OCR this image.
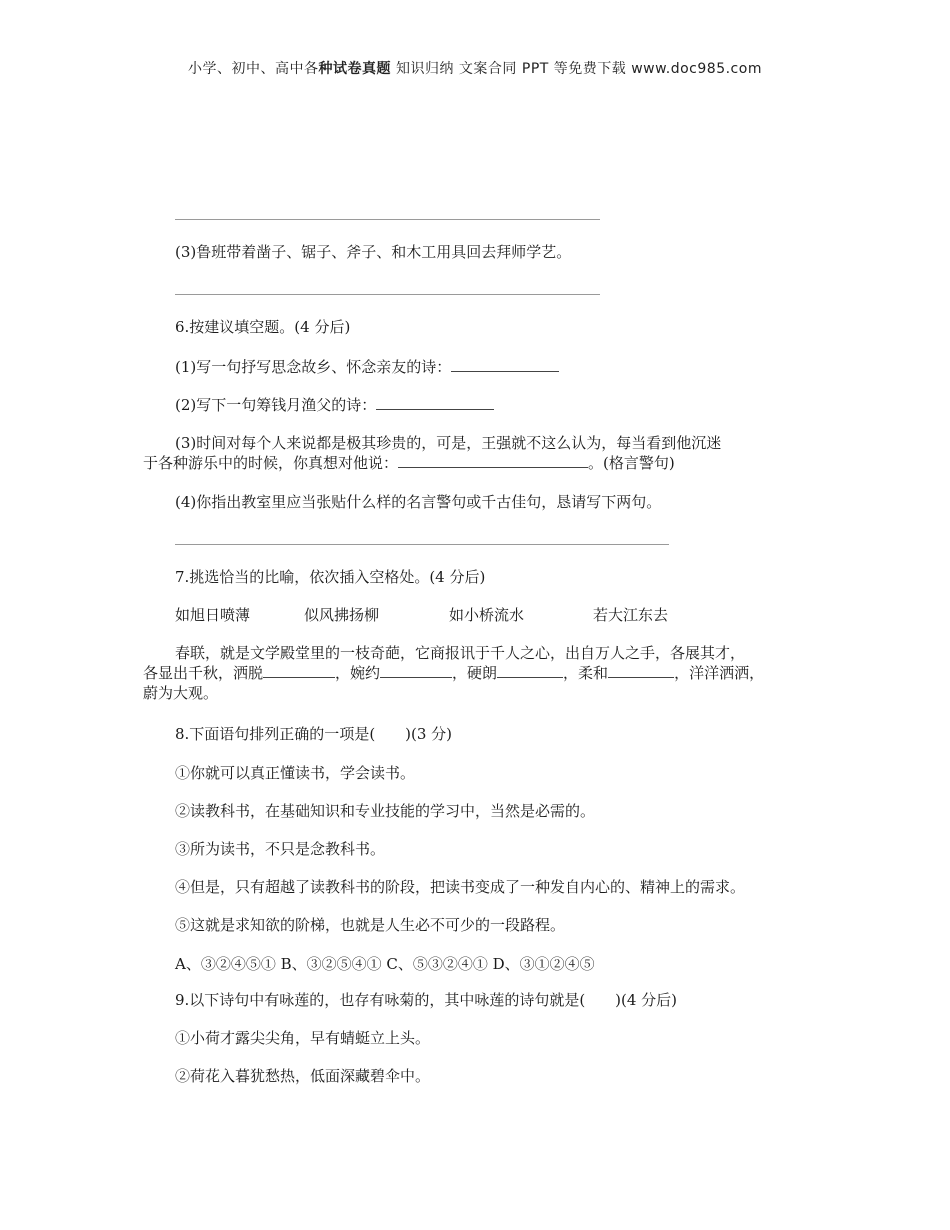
小学、初中、高中各种试卷真题 知识归纳 文案合同 PPT 等免费下载 www.doc985.com
(3)鲁班带着凿子、锯子、斧子、和木工用具回去拜师学艺。
6.按建议填空题。(4 分后)
(1)写一句抒写思念故乡、怀念亲友的诗：
(2)写下一句筹钱月渔父的诗：
(3)时间对每个人来说都是极其珍贵的，可是，王强就不这么认为，每当看到他沉迷
于各种游乐中的时候，你真想对他说：	。(格言警句)
(4)你指出教室里应当张贴什么样的名言警句或千古佳句，恳请写下两句。
7.挑选恰当的比喻，依次插入空格处。(4 分后)
如旭日喷薄	似风拂扬柳	如小桥流水	若大江东去
春联，就是文学殿堂里的一枝奇葩，它商报讯于千人之心，出自万人之手，各展其才，
各显出千秋，洒脱	，婉约	，硬朗	，柔和	，洋洋洒洒，
蔚为大观。
8.下面语句排列正确的一项是(　　)(3 分)
①你就可以真正懂读书，学会读书。
②读教科书，在基础知识和专业技能的学习中，当然是必需的。
③所为读书，不只是念教科书。
④但是，只有超越了读教科书的阶段，把读书变成了一种发自内心的、精神上的需求。
⑤这就是求知欲的阶梯，也就是人生必不可少的一段路程。
A、③②④⑤① B、③②⑤④① C、⑤③②④① D、③①②④⑤
9.以下诗句中有咏莲的，也存有咏菊的，其中咏莲的诗句就是(　　)(4 分后)
①小荷才露尖尖角，早有蜻蜓立上头。
②荷花入暮犹愁热，低面深藏碧伞中。
